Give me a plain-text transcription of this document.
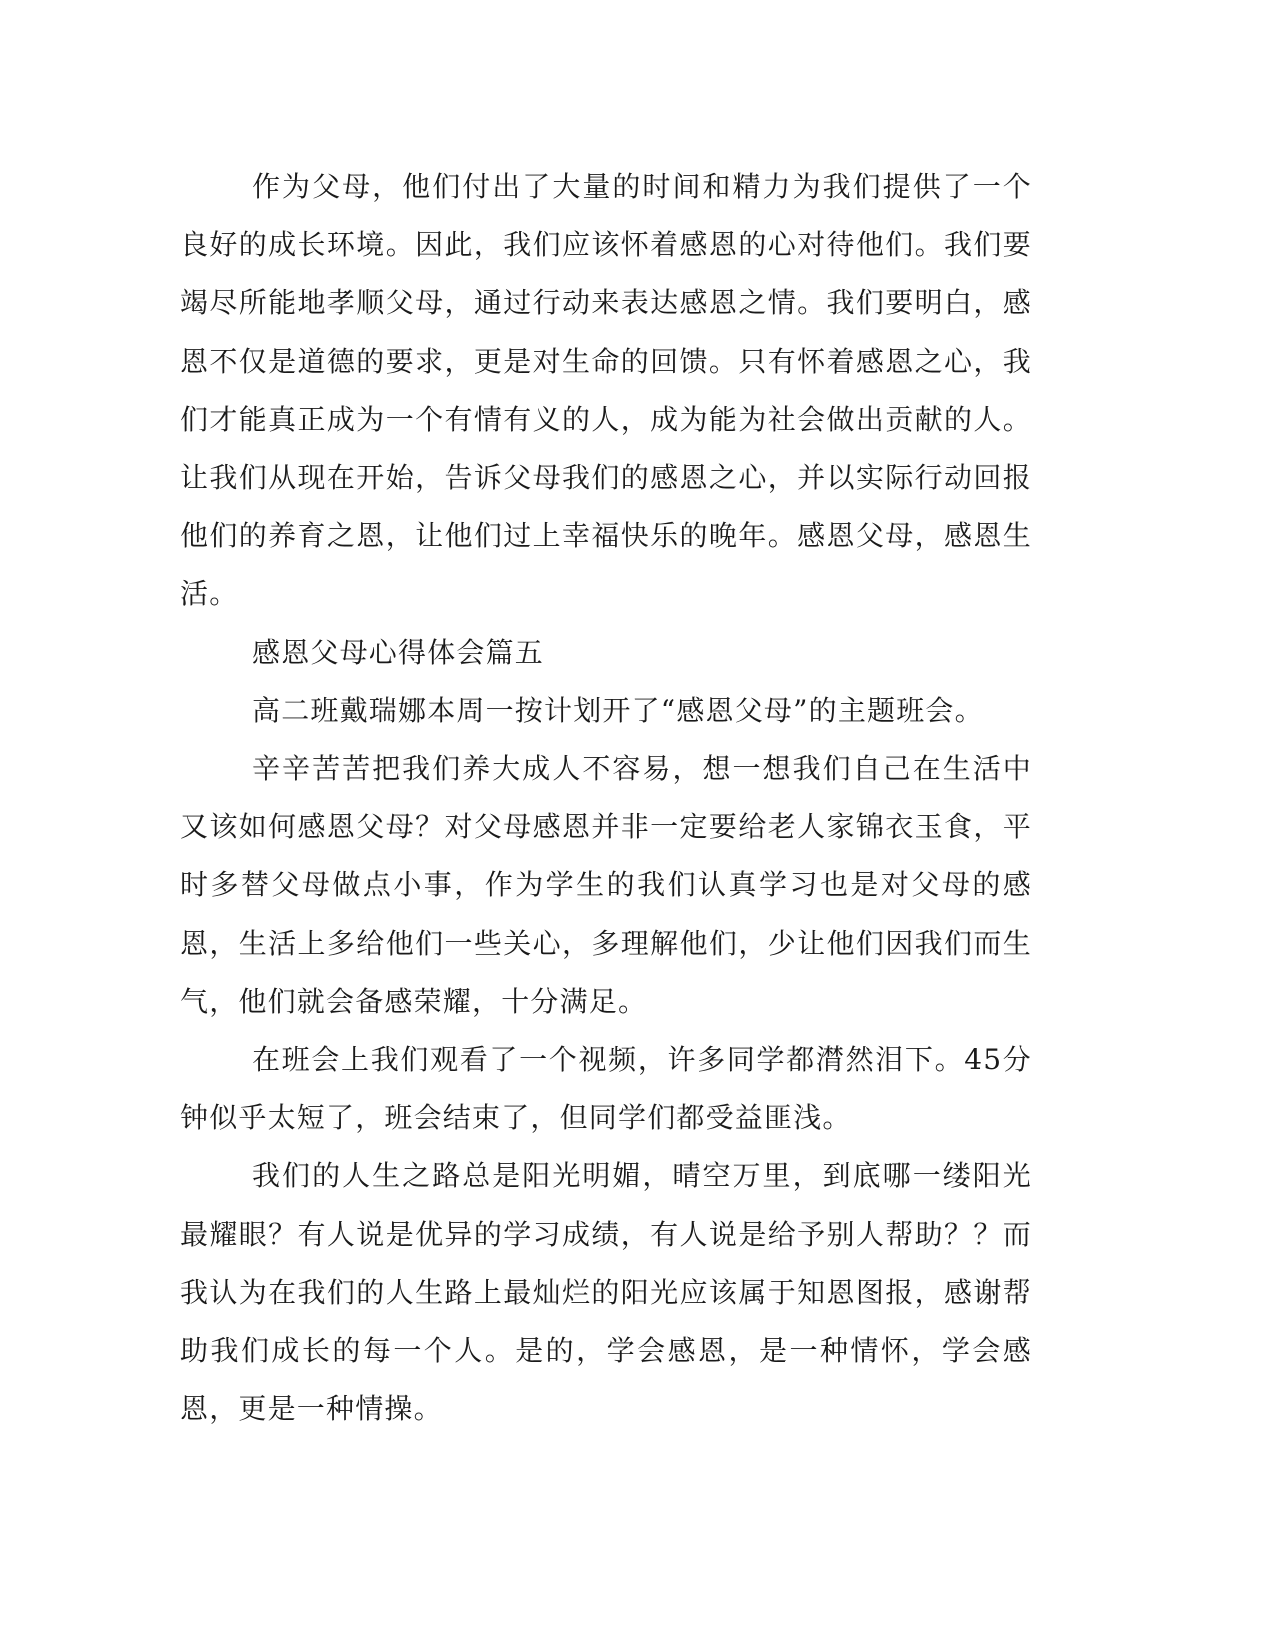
作为父母，他们付出了大量的时间和精力为我们提供了一个良好的成长环境。因此，我们应该怀着感恩的心对待他们。我们要竭尽所能地孝顺父母，通过行动来表达感恩之情。我们要明白，感恩不仅是道德的要求，更是对生命的回馈。只有怀着感恩之心，我们才能真正成为一个有情有义的人，成为能为社会做出贡献的人。让我们从现在开始，告诉父母我们的感恩之心，并以实际行动回报他们的养育之恩，让他们过上幸福快乐的晚年。感恩父母，感恩生活。

感恩父母心得体会篇五

高二班戴瑞娜本周一按计划开了“感恩父母”的主题班会。

辛辛苦苦把我们养大成人不容易，想一想我们自己在生活中又该如何感恩父母？对父母感恩并非一定要给老人家锦衣玉食，平时多替父母做点小事，作为学生的我们认真学习也是对父母的感恩，生活上多给他们一些关心，多理解他们，少让他们因我们而生气，他们就会备感荣耀，十分满足。

在班会上我们观看了一个视频，许多同学都潸然泪下。45分钟似乎太短了，班会结束了，但同学们都受益匪浅。

我们的人生之路总是阳光明媚，晴空万里，到底哪一缕阳光最耀眼？有人说是优异的学习成绩，有人说是给予别人帮助？？而我认为在我们的人生路上最灿烂的阳光应该属于知恩图报，感谢帮助我们成长的每一个人。是的，学会感恩，是一种情怀，学会感恩，更是一种情操。
